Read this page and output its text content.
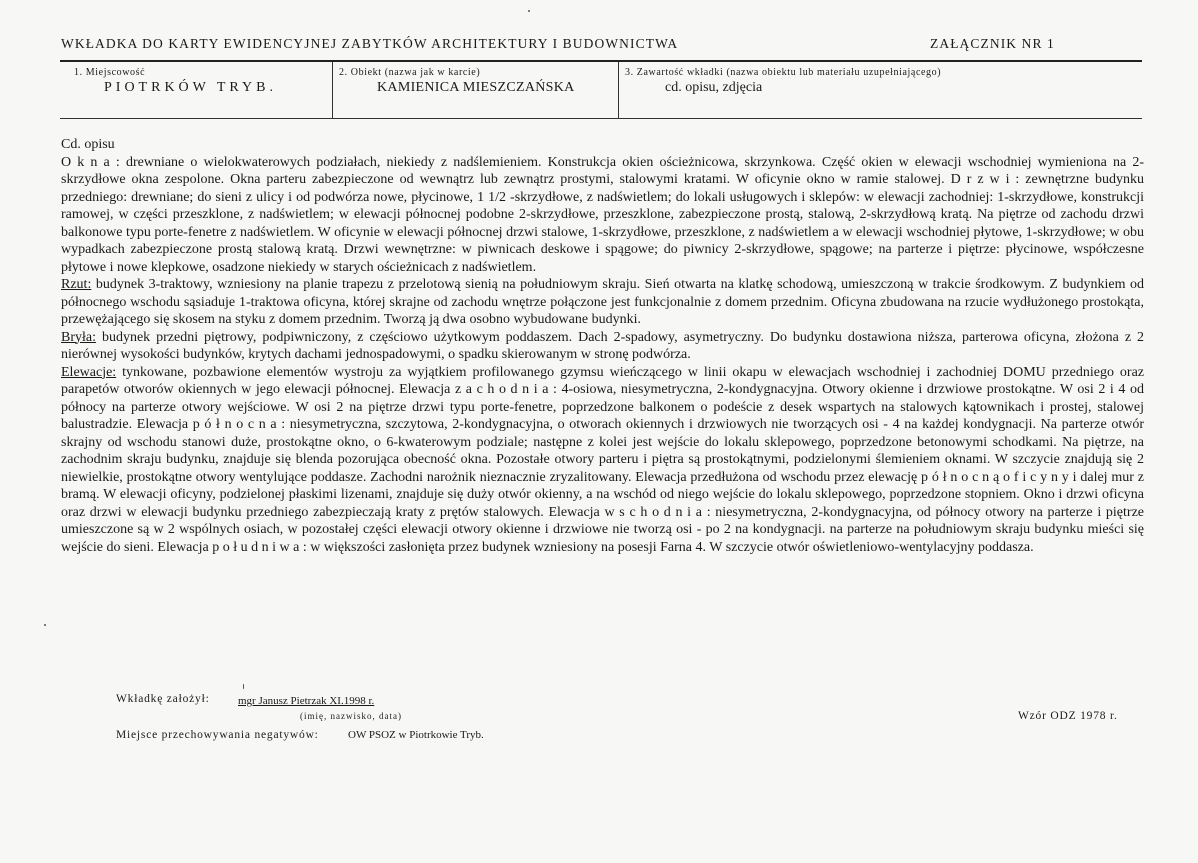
WKŁADKA DO KARTY EWIDENCYJNEJ ZABYTKÓW ARCHITEKTURY I BUDOWNICTWA	ZAŁĄCZNIK NR 1
1. Miejscowość
PIOTRKÓW TRYB.
2. Obiekt (nazwa jak w karcie)
KAMIENICA MIESZCZAŃSKA
3. Zawartość wkładki (nazwa obiektu lub materiału uzupełniającego)
cd. opisu, zdjęcia

Cd. opisu

O k n a : drewniane o wielokwaterowych podziałach, niekiedy z nadślemieniem. Konstrukcja okien ościeżnicowa, skrzynkowa. Część okien w elewacji wschodniej wymieniona na 2-skrzydłowe okna zespolone. Okna parteru zabezpieczone od wewnątrz lub zewnątrz prostymi, stalowymi kratami. W oficynie okno w ramie stalowej. D r z w i : zewnętrzne budynku przedniego: drewniane; do sieni z ulicy i od podwórza nowe, płycinowe, 1 1/2 -skrzydłowe, z nadświetlem; do lokali usługowych i sklepów: w elewacji zachodniej: 1-skrzydłowe, konstrukcji ramowej, w części przeszklone, z nadświetlem; w elewacji północnej podobne 2-skrzydłowe, przeszklone, zabezpieczone prostą, stalową, 2-skrzydłową kratą. Na piętrze od zachodu drzwi balkonowe typu porte-fenetre z nadświetlem. W oficynie w elewacji północnej drzwi stalowe, 1-skrzydłowe, przeszklone, z nadświetlem a w elewacji wschodniej płytowe, 1-skrzydłowe; w obu wypadkach zabezpieczone prostą stalową kratą. Drzwi wewnętrzne: w piwnicach deskowe i spągowe; do piwnicy 2-skrzydłowe, spągowe; na parterze i piętrze: płycinowe, współczesne płytowe i nowe klepkowe, osadzone niekiedy w starych ościeżnicach z nadświetlem.

Rzut: budynek 3-traktowy, wzniesiony na planie trapezu z przelotową sienią na południowym skraju. Sień otwarta na klatkę schodową, umieszczoną w trakcie środkowym. Z budynkiem od północnego wschodu sąsiaduje 1-traktowa oficyna, której skrajne od zachodu wnętrze połączone jest funkcjonalnie z domem przednim. Oficyna zbudowana na rzucie wydłużonego prostokąta, przewężającego się skosem na styku z domem przednim. Tworzą ją dwa osobno wybudowane budynki.

Bryła: budynek przedni piętrowy, podpiwniczony, z częściowo użytkowym poddaszem. Dach 2-spadowy, asymetryczny. Do budynku dostawiona niższa, parterowa oficyna, złożona z 2 nierównej wysokości budynków, krytych dachami jednospadowymi, o spadku skierowanym w stronę podwórza.

Elewacje: tynkowane, pozbawione elementów wystroju za wyjątkiem profilowanego gzymsu wieńczącego w linii okapu w elewacjach wschodniej i zachodniej DOMU przedniego oraz parapetów otworów okiennych w jego elewacji północnej. Elewacja z a c h o d n i a : 4-osiowa, niesymetryczna, 2-kondygnacyjna. Otwory okienne i drzwiowe prostokątne. W osi 2 i 4 od północy na parterze otwory wejściowe. W osi 2 na piętrze drzwi typu porte-fenetre, poprzedzone balkonem o podeście z desek wspartych na stalowych kątownikach i prostej, stalowej balustradzie. Elewacja p ó ł n o c n a : niesymetryczna, szczytowa, 2-kondygnacyjna, o otworach okiennych i drzwiowych nie tworzących osi - 4 na każdej kondygnacji. Na parterze otwór skrajny od wschodu stanowi duże, prostokątne okno, o 6-kwaterowym podziale; następne z kolei jest wejście do lokalu sklepowego, poprzedzone betonowymi schodkami. Na piętrze, na zachodnim skraju budynku, znajduje się blenda pozorująca obecność okna. Pozostałe otwory parteru i piętra są prostokątnymi, podzielonymi ślemieniem oknami. W szczycie znajdują się 2 niewielkie, prostokątne otwory wentylujące poddasze. Zachodni narożnik nieznacznie zryzalitowany. Elewacja przedłużona od wschodu przez elewację p ó ł n o c n ą o f i c y n y i dalej mur z bramą. W elewacji oficyny, podzielonej płaskimi lizenami, znajduje się duży otwór okienny, a na wschód od niego wejście do lokalu sklepowego, poprzedzone stopniem. Okno i drzwi oficyna oraz drzwi w elewacji budynku przedniego zabezpieczają kraty z prętów stalowych. Elewacja w s c h o d n i a : niesymetryczna, 2-kondygnacyjna, od północy otwory na parterze i piętrze umieszczone są w 2 wspólnych osiach, w pozostałej części elewacji otwory okienne i drzwiowe nie tworzą osi - po 2 na kondygnacji. na parterze na południowym skraju budynku mieści się wejście do sieni. Elewacja p o ł u d n i w a : w większości zasłonięta przez budynek wzniesiony na posesji Farna 4. W szczycie otwór oświetleniowo-wentylacyjny poddasza.

Wkładkę założył:	mgr Janusz Pietrzak XI.1998 r.
(imię, nazwisko, data)	Wzór ODZ 1978 r.
Miejsce przechowywania negatywów:	OW PSOZ w Piotrkowie Tryb.
